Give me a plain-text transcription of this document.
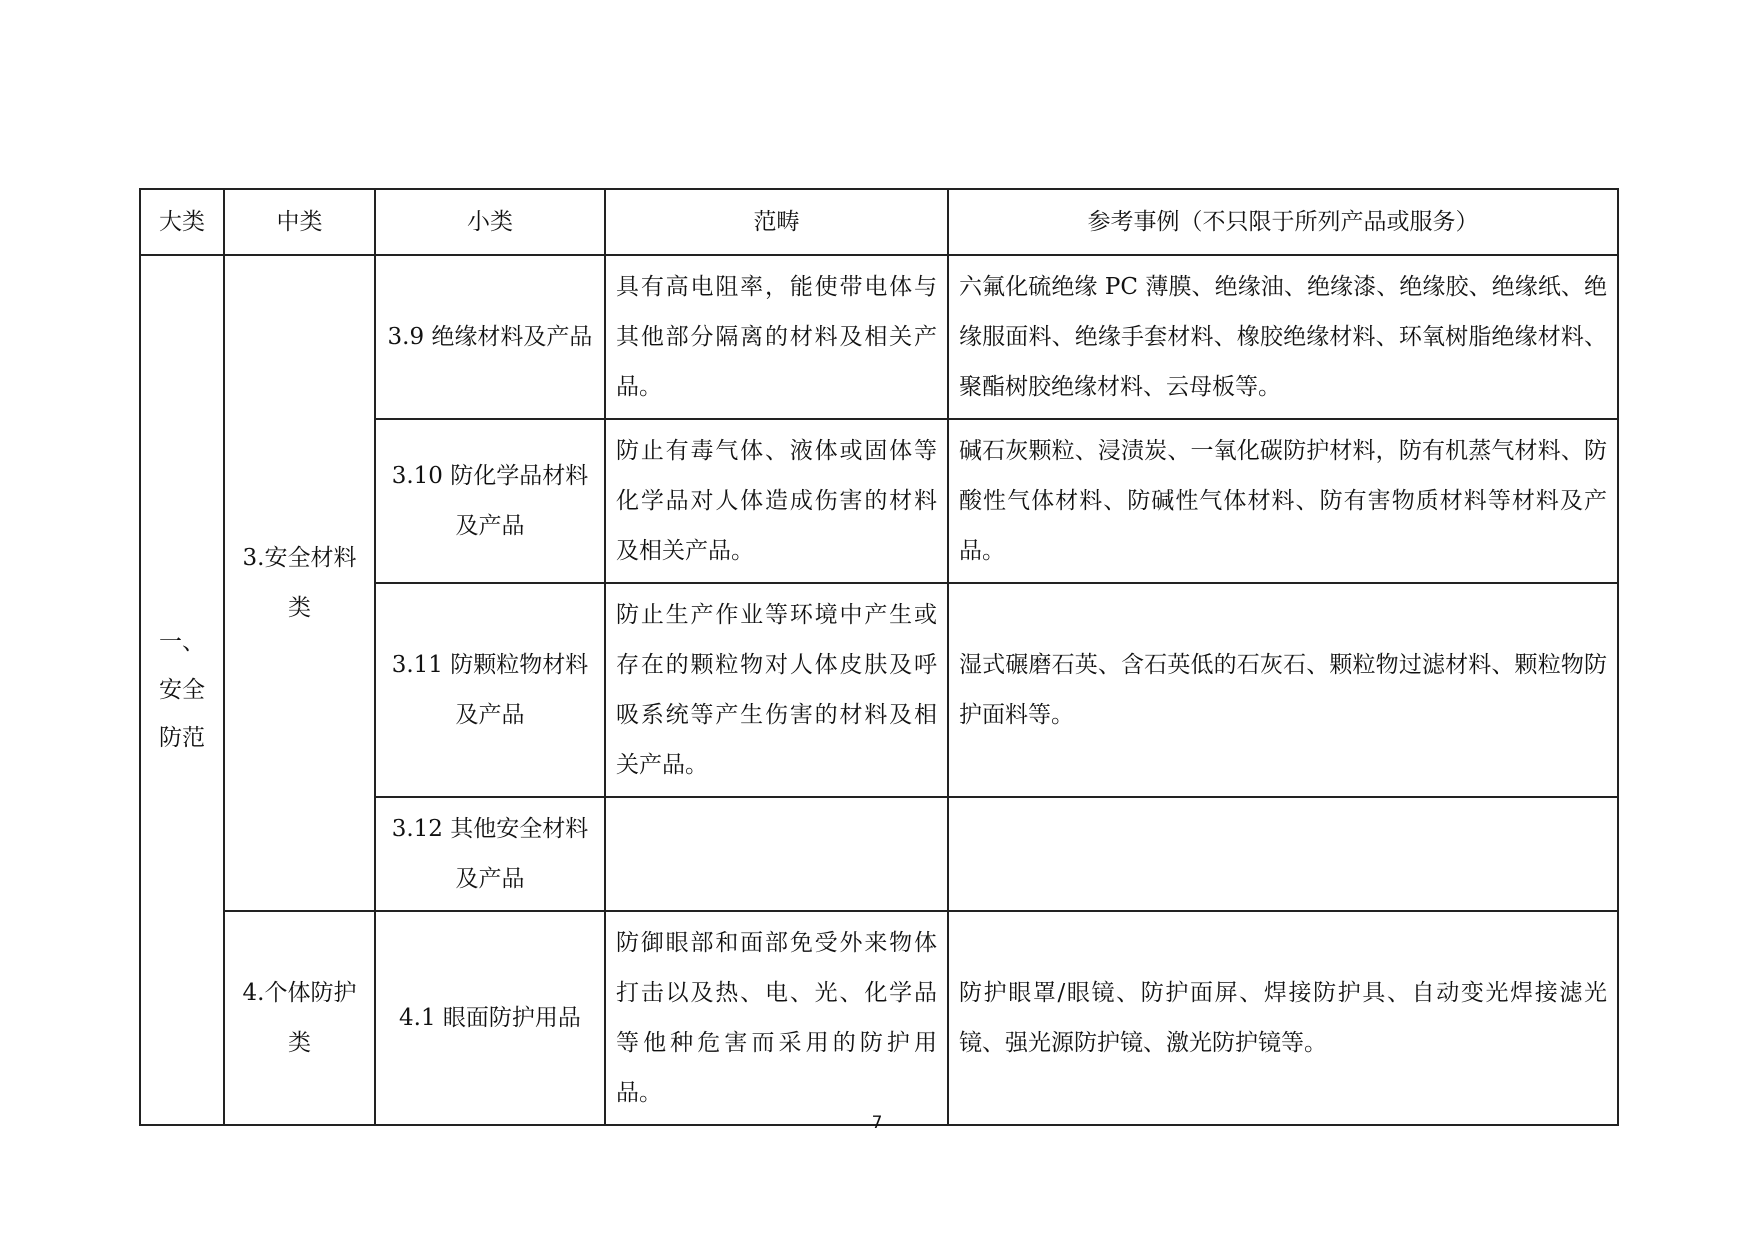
大类	中类	小类	范畴	参考事例（不只限于所列产品或服务）
一、安全防范	3.安全材料类	3.9 绝缘材料及产品	具有高电阻率，能使带电体与其他部分隔离的材料及相关产品。	六氟化硫绝缘 PC 薄膜、绝缘油、绝缘漆、绝缘胶、绝缘纸、绝缘服面料、绝缘手套材料、橡胶绝缘材料、环氧树脂绝缘材料、聚酯树胶绝缘材料、云母板等。
		3.10 防化学品材料及产品	防止有毒气体、液体或固体等化学品对人体造成伤害的材料及相关产品。	碱石灰颗粒、浸渍炭、一氧化碳防护材料，防有机蒸气材料、防酸性气体材料、防碱性气体材料、防有害物质材料等材料及产品。
		3.11 防颗粒物材料及产品	防止生产作业等环境中产生或存在的颗粒物对人体皮肤及呼吸系统等产生伤害的材料及相关产品。	湿式碾磨石英、含石英低的石灰石、颗粒物过滤材料、颗粒物防护面料等。
		3.12 其他安全材料及产品		
	4.个体防护类	4.1 眼面防护用品	防御眼部和面部免受外来物体打击以及热、电、光、化学品等他种危害而采用的防护用品。	防护眼罩/眼镜、防护面屏、焊接防护具、自动变光焊接滤光镜、强光源防护镜、激光防护镜等。
7
